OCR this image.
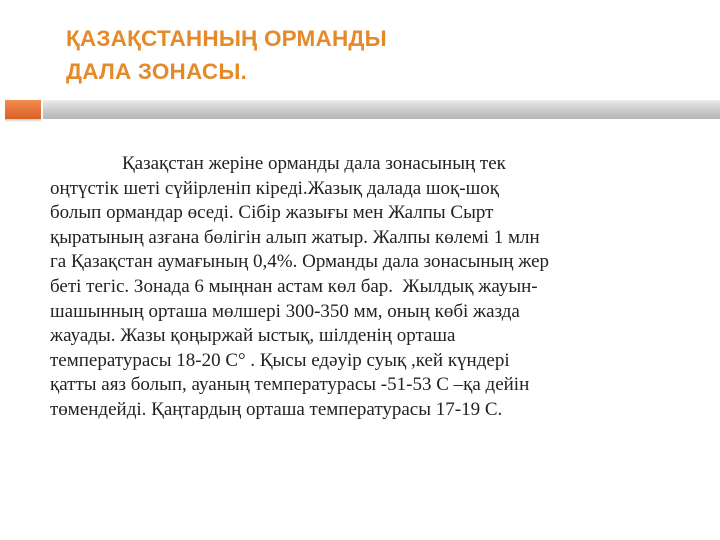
ҚАЗАҚСТАННЫҢ ОРМАНДЫ
ДАЛА ЗОНАСЫ.

Қазақстан жеріне орманды дала зонасының тек
оңтүстік шеті сүйірленіп кіреді.Жазық далада шоқ-шоқ
болып ормандар өседі. Сібір жазығы мен Жалпы Сырт
қыратының азғана бөлігін алып жатыр. Жалпы көлемі 1 млн
га Қазақстан аумағының 0,4%. Орманды дала зонасының жер
беті тегіс. Зонада 6 мыңнан астам көл бар.  Жылдық жауын-
шашынның орташа мөлшері 300-350 мм, оның көбі жазда
жауады. Жазы қоңыржай ыстық, шілденің орташа
температурасы 18-20 C° . Қысы едәуір суық ,кей күндері
қатты аяз болып, ауаның температурасы -51-53 С –қа дейін
төмендейді. Қаңтардың орташа температурасы 17-19 С.
